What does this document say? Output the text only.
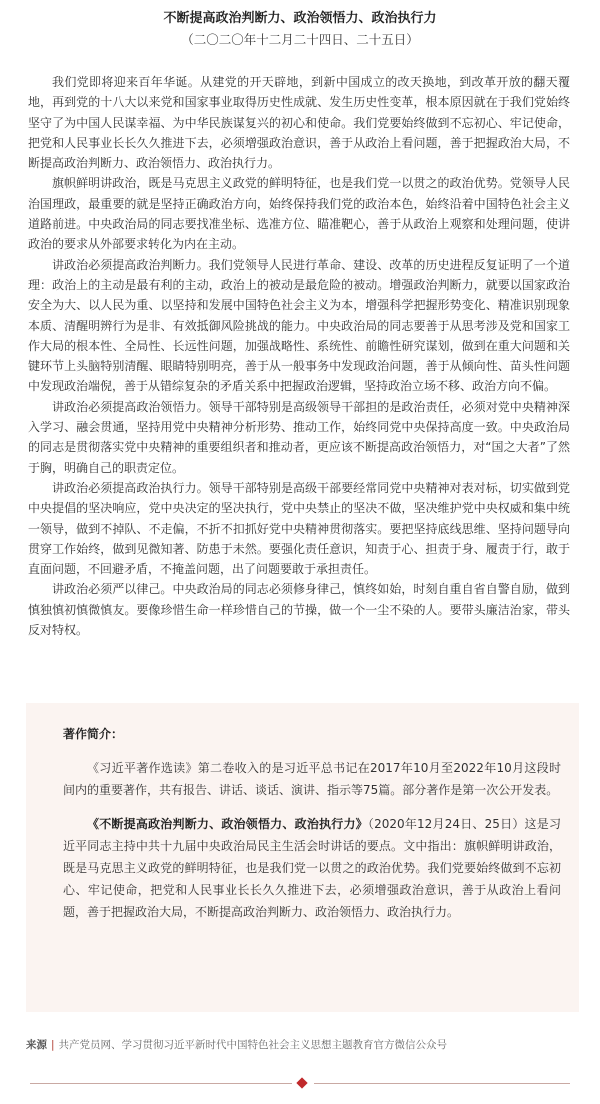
不断提高政治判断力、政治领悟力、政治执行力
（二〇二〇年十二月二十四日、二十五日）

我们党即将迎来百年华诞。从建党的开天辟地，到新中国成立的改天换地，到改革开放的翻天覆地，再到党的十八大以来党和国家事业取得历史性成就、发生历史性变革，根本原因就在于我们党始终坚守了为中国人民谋幸福、为中华民族谋复兴的初心和使命。我们党要始终做到不忘初心、牢记使命，把党和人民事业长长久久推进下去，必须增强政治意识，善于从政治上看问题，善于把握政治大局，不断提高政治判断力、政治领悟力、政治执行力。

旗帜鲜明讲政治，既是马克思主义政党的鲜明特征，也是我们党一以贯之的政治优势。党领导人民治国理政，最重要的就是坚持正确政治方向，始终保持我们党的政治本色，始终沿着中国特色社会主义道路前进。中央政治局的同志要找准坐标、选准方位、瞄准靶心，善于从政治上观察和处理问题，使讲政治的要求从外部要求转化为内在主动。

讲政治必须提高政治判断力。我们党领导人民进行革命、建设、改革的历史进程反复证明了一个道理：政治上的主动是最有利的主动，政治上的被动是最危险的被动。增强政治判断力，就要以国家政治安全为大、以人民为重、以坚持和发展中国特色社会主义为本，增强科学把握形势变化、精准识别现象本质、清醒明辨行为是非、有效抵御风险挑战的能力。中央政治局的同志要善于从思考涉及党和国家工作大局的根本性、全局性、长远性问题，加强战略性、系统性、前瞻性研究谋划，做到在重大问题和关键环节上头脑特别清醒、眼睛特别明亮，善于从一般事务中发现政治问题，善于从倾向性、苗头性问题中发现政治端倪，善于从错综复杂的矛盾关系中把握政治逻辑，坚持政治立场不移、政治方向不偏。

讲政治必须提高政治领悟力。领导干部特别是高级领导干部担的是政治责任，必须对党中央精神深入学习、融会贯通，坚持用党中央精神分析形势、推动工作，始终同党中央保持高度一致。中央政治局的同志是贯彻落实党中央精神的重要组织者和推动者，更应该不断提高政治领悟力，对“国之大者”了然于胸，明确自己的职责定位。

讲政治必须提高政治执行力。领导干部特别是高级干部要经常同党中央精神对表对标，切实做到党中央提倡的坚决响应，党中央决定的坚决执行，党中央禁止的坚决不做，坚决维护党中央权威和集中统一领导，做到不掉队、不走偏，不折不扣抓好党中央精神贯彻落实。要把坚持底线思维、坚持问题导向贯穿工作始终，做到见微知著、防患于未然。要强化责任意识，知责于心、担责于身、履责于行，敢于直面问题，不回避矛盾，不掩盖问题，出了问题要敢于承担责任。

讲政治必须严以律己。中央政治局的同志必须修身律己，慎终如始，时刻自重自省自警自励，做到慎独慎初慎微慎友。要像珍惜生命一样珍惜自己的节操，做一个一尘不染的人。要带头廉洁治家，带头反对特权。

著作简介：

《习近平著作选读》第二卷收入的是习近平总书记在2017年10月至2022年10月这段时间内的重要著作，共有报告、讲话、谈话、演讲、指示等75篇。部分著作是第一次公开发表。

《不断提高政治判断力、政治领悟力、政治执行力》（2020年12月24日、25日）这是习近平同志主持中共十九届中央政治局民主生活会时讲话的要点。文中指出：旗帜鲜明讲政治，既是马克思主义政党的鲜明特征，也是我们党一以贯之的政治优势。我们党要始终做到不忘初心、牢记使命，把党和人民事业长长久久推进下去，必须增强政治意识，善于从政治上看问题，善于把握政治大局，不断提高政治判断力、政治领悟力、政治执行力。

来源 | 共产党员网、学习贯彻习近平新时代中国特色社会主义思想主题教育官方微信公众号
